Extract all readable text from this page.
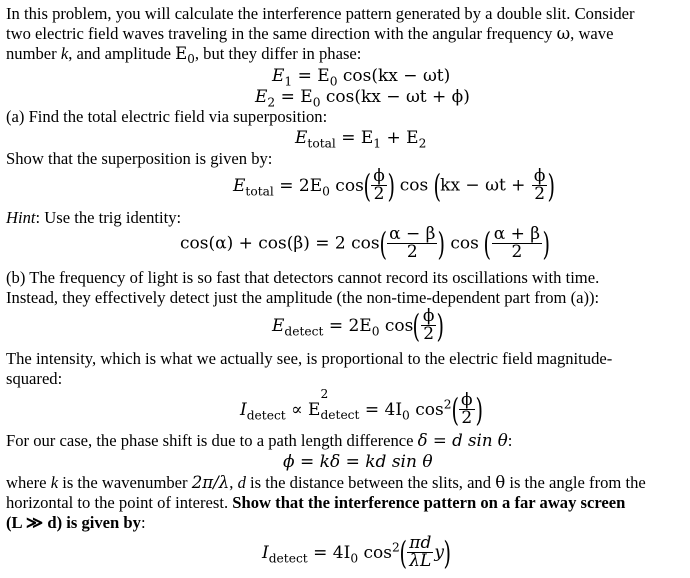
In this problem, you will calculate the interference pattern generated by a double slit. Consider
two electric field waves traveling in the same direction with the angular frequency ω, wave
number k, and amplitude $E_0$, but they differ in phase:
$E_1 = E_0$ cos(kx − ωt)
$E_2 = E_0$ cos(kx − ωt + ϕ)
(a) Find the total electric field via superposition:
$E_{total} = E_1 + E_2$
Show that the superposition is given by:
$E_{total} = 2E_0$ $\cos( \frac{\phi}{2}$ ) $\cos (kx - \omega t + \frac{\phi}{2}$ )
Hint: Use the trig identity:
cos(α) + cos(β) = 2 $\cos( \frac{\alpha - \beta}{2}$ ) cos ( $\frac{\alpha + \beta}{2}$ )
(b) The frequency of light is so fast that detectors cannot record its oscillations with time.
Instead, they effectively detect just the amplitude (the non-time-dependent part from (a)):
$E_{detect} = 2E_0$ $\cos( \frac{\phi}{2}$ )
The intensity, which is what we actually see, is proportional to the electric field magnitude-
squared:
$I_{detect} \propto E$
2
$_{detect} = 4I_0$ $\cos^2( \frac{\phi}{2}$ )
For our case, the phase shift is due to a path length difference δ = d sin θ:
ϕ = kδ = kd sin θ
where k is the wavenumber 2π/λ, d is the distance between the slits, and θ is the angle from the
horizontal to the point of interest. Show that the interference pattern on a far away screen
(L ≫ d) is given by:
$I_{detect} = 4I_0$ $\cos^2( \frac{\pi d}{\lambda L} y)$
